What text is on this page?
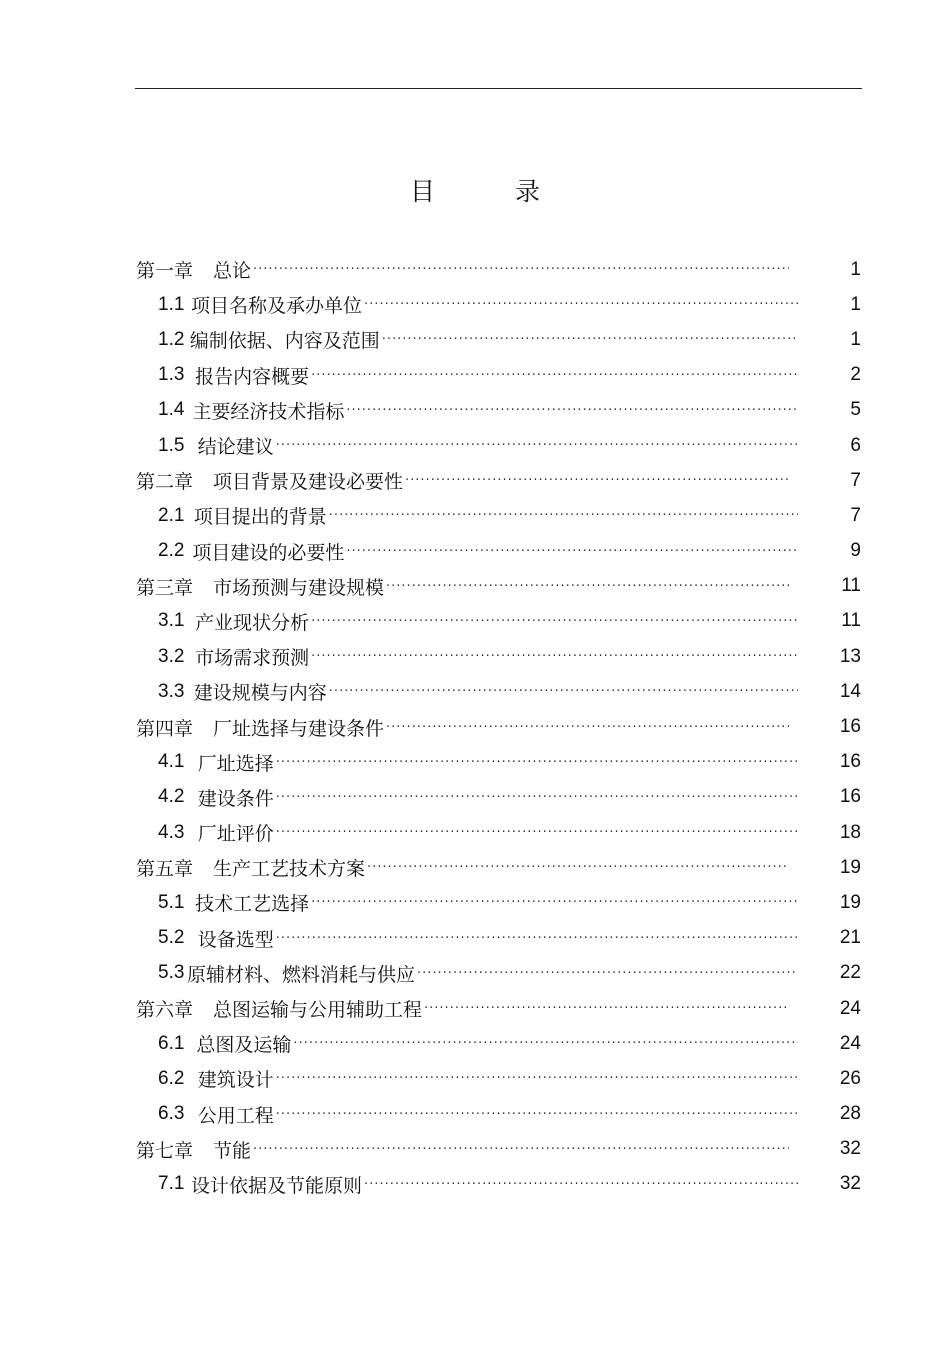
目 录
第一章 总论 ·····	1
1.1 项目名称及承办单位 ·····	1
1.2 编制依据、内容及范围 ·····	1
1.3 报告内容概要 ·····	2
1.4 主要经济技术指标 ·····	5
1.5 结论建议 ·····	6
第二章 项目背景及建设必要性 ·····	7
2.1 项目提出的背景 ·····	7
2.2 项目建设的必要性 ·····	9
第三章 市场预测与建设规模 ·····	11
3.1 产业现状分析 ·····	11
3.2 市场需求预测 ·····	13
3.3 建设规模与内容 ·····	14
第四章 厂址选择与建设条件 ·····	16
4.1 厂址选择 ·····	16
4.2 建设条件 ·····	16
4.3 厂址评价 ·····	18
第五章 生产工艺技术方案 ·····	19
5.1 技术工艺选择 ·····	19
5.2 设备选型 ·····	21
5.3 原辅材料、燃料消耗与供应 ·····	22
第六章 总图运输与公用辅助工程 ·····	24
6.1 总图及运输 ·····	24
6.2 建筑设计 ·····	26
6.3 公用工程 ·····	28
第七章 节能 ·····	32
7.1 设计依据及节能原则 ·····	32
